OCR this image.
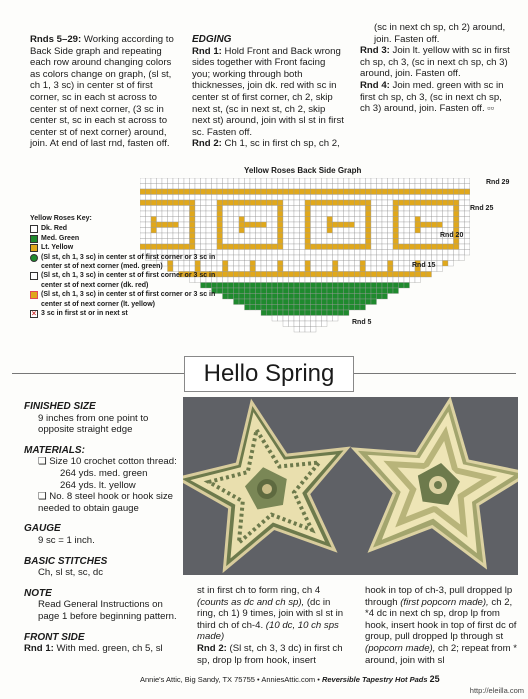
Rnds 5–29: Working according to Back Side graph and repeating each row around changing colors as colors change on graph, (sl st, ch 1, 3 sc) in center st of first corner, sc in each st across to center st of next corner, (3 sc in center st, sc in each st across to center st of next corner) around, join. At end of last rnd, fasten off.

EDGING

Rnd 1: Hold Front and Back wrong sides together with Front facing you; working through both thicknesses, join dk. red with sc in center st of first corner, ch 2, skip next st, (sc in next st, ch 2, skip next st) around, join with sl st in first sc. Fasten off.

Rnd 2: Ch 1, sc in first ch sp, ch 2,

(sc in next ch sp, ch 2) around, join. Fasten off.

Rnd 3: Join lt. yellow with sc in first ch sp, ch 3, (sc in next ch sp, ch 3) around, join. Fasten off.

Rnd 4: Join med. green with sc in first ch sp, ch 3, (sc in next ch sp, ch 3) around, join. Fasten off. ▫▫

Yellow Roses Back Side Graph
Rnd 29
Rnd 25
Rnd 20
Rnd 15
Rnd 5
Yellow Roses Key:
Dk. Red
Med. Green
Lt. Yellow
(Sl st, ch 1, 3 sc) in center st of first corner or 3 sc in center st of next corner (med. green)
(Sl st, ch 1, 3 sc) in center st of first corner or 3 sc in center st of next corner (dk. red)
(Sl st, ch 1, 3 sc) in center st of first corner or 3 sc in center st of next corner (lt. yellow)
× 3 sc in first st or in next st
Hello Spring
FINISHED SIZE

9 inches from one point to opposite straight edge

MATERIALS:

❑ Size 10 crochet cotton thread:

264 yds. med. green

264 yds. lt. yellow

❑ No. 8 steel hook or hook size needed to obtain gauge

GAUGE

9 sc = 1 inch.

BASIC STITCHES

Ch, sl st, sc, dc

NOTE

Read General Instructions on page 1 before beginning pattern.

FRONT SIDE

Rnd 1: With med. green, ch 5, sl

st in first ch to form ring, ch 4 (counts as dc and ch sp), (dc in ring, ch 1) 9 times, join with sl st in third ch of ch-4. (10 dc, 10 ch sps made)

Rnd 2: (Sl st, ch 3, 3 dc) in first ch sp, drop lp from hook, insert

hook in top of ch-3, pull dropped lp through (first popcorn made), ch 2, *4 dc in next ch sp, drop lp from hook, insert hook in top of first dc of group, pull dropped lp through st (popcorn made), ch 2; repeat from * around, join with sl

Annie's Attic, Big Sandy, TX 75755 • AnniesAttic.com • Reversible Tapestry Hot Pads 25
http://eleilla.com
